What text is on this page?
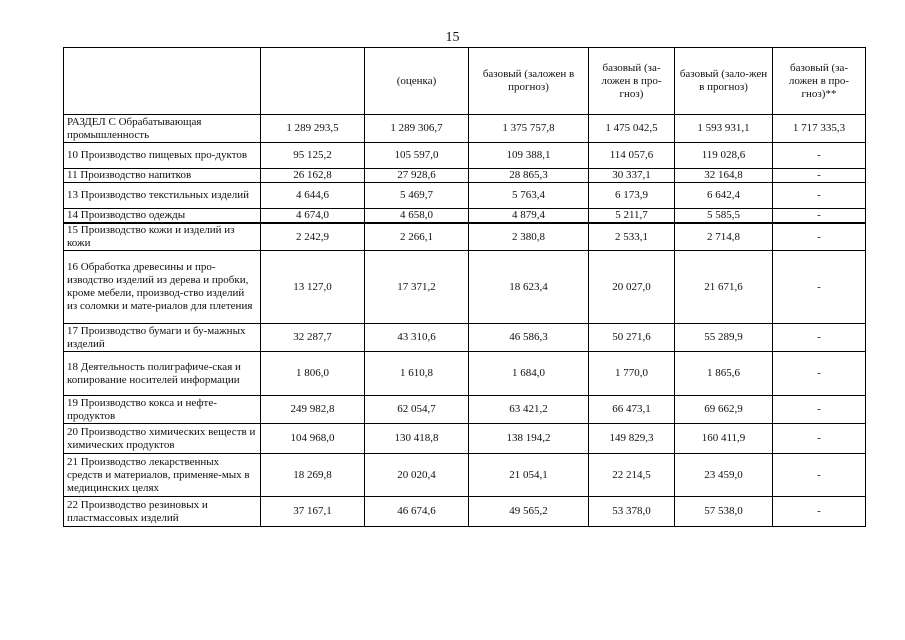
15
		(оценка)	базовый (заложен в прогноз)	базовый (за-ложен в про-гноз)	базовый (зало-жен в прогноз)	базовый (за-ложен в про-гноз)**
РАЗДЕЛ С Обрабатывающая промышленность	1 289 293,5	1 289 306,7	1 375 757,8	1 475 042,5	1 593 931,1	1 717 335,3
10 Производство пищевых про-дуктов	95 125,2	105 597,0	109 388,1	114 057,6	119 028,6	-
11 Производство напитков	26 162,8	27 928,6	28 865,3	30 337,1	32 164,8	-
13 Производство текстильных изделий	4 644,6	5 469,7	5 763,4	6 173,9	6 642,4	-
14 Производство одежды	4 674,0	4 658,0	4 879,4	5 211,7	5 585,5	-
15 Производство кожи и изделий из кожи	2 242,9	2 266,1	2 380,8	2 533,1	2 714,8	-
16 Обработка древесины и про-изводство изделий из дерева и пробки, кроме мебели, производ-ство изделий из соломки и мате-риалов для плетения	13 127,0	17 371,2	18 623,4	20 027,0	21 671,6	-
17 Производство бумаги и бу-мажных изделий	32 287,7	43 310,6	46 586,3	50 271,6	55 289,9	-
18 Деятельность полиграфиче-ская и копирование носителей информации	1 806,0	1 610,8	1 684,0	1 770,0	1 865,6	-
19 Производство кокса и нефте-продуктов	249 982,8	62 054,7	63 421,2	66 473,1	69 662,9	-
20 Производство химических веществ и химических продуктов	104 968,0	130 418,8	138 194,2	149 829,3	160 411,9	-
21 Производство лекарственных средств и материалов, применяе-мых в медицинских целях	18 269,8	20 020,4	21 054,1	22 214,5	23 459,0	-
22 Производство резиновых и пластмассовых изделий	37 167,1	46 674,6	49 565,2	53 378,0	57 538,0	-
